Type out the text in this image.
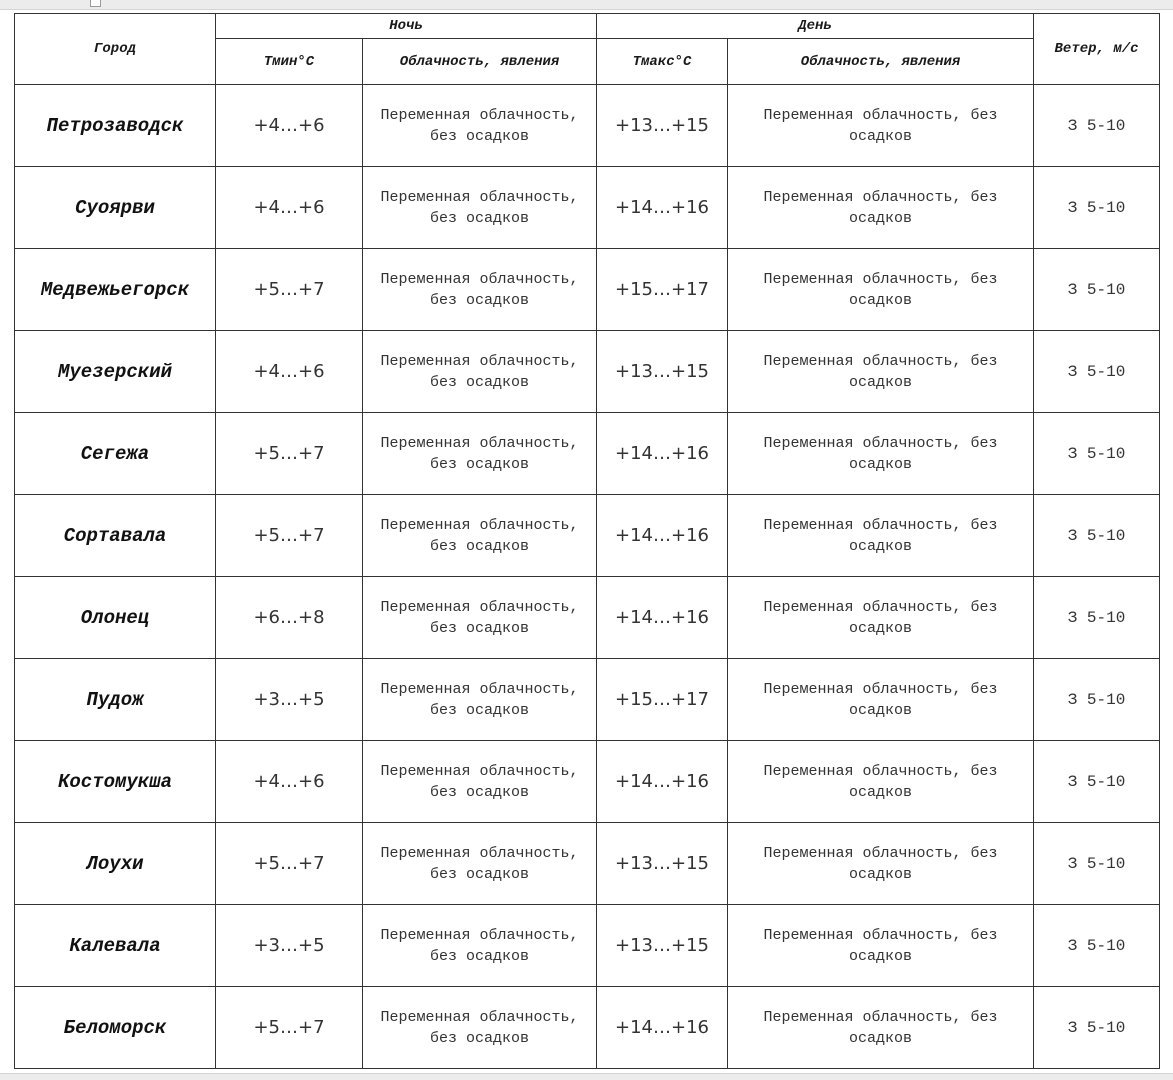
Город	Ночь		День		Ветер, м/с
	Тмин°С	Облачность, явления	Тмакс°С	Облачность, явления	
Петрозаводск	+4…+6	Переменная облачность, без осадков	+13…+15	Переменная облачность, без осадков	З 5-10
Суоярви	+4…+6	Переменная облачность, без осадков	+14…+16	Переменная облачность, без осадков	З 5-10
Медвежьегорск	+5…+7	Переменная облачность, без осадков	+15…+17	Переменная облачность, без осадков	З 5-10
Муезерский	+4…+6	Переменная облачность, без осадков	+13…+15	Переменная облачность, без осадков	З 5-10
Сегежа	+5…+7	Переменная облачность, без осадков	+14…+16	Переменная облачность, без осадков	З 5-10
Сортавала	+5…+7	Переменная облачность, без осадков	+14…+16	Переменная облачность, без осадков	З 5-10
Олонец	+6…+8	Переменная облачность, без осадков	+14…+16	Переменная облачность, без осадков	З 5-10
Пудож	+3…+5	Переменная облачность, без осадков	+15…+17	Переменная облачность, без осадков	З 5-10
Костомукша	+4…+6	Переменная облачность, без осадков	+14…+16	Переменная облачность, без осадков	З 5-10
Лоухи	+5…+7	Переменная облачность, без осадков	+13…+15	Переменная облачность, без осадков	З 5-10
Калевала	+3…+5	Переменная облачность, без осадков	+13…+15	Переменная облачность, без осадков	З 5-10
Беломорск	+5…+7	Переменная облачность, без осадков	+14…+16	Переменная облачность, без осадков	З 5-10
